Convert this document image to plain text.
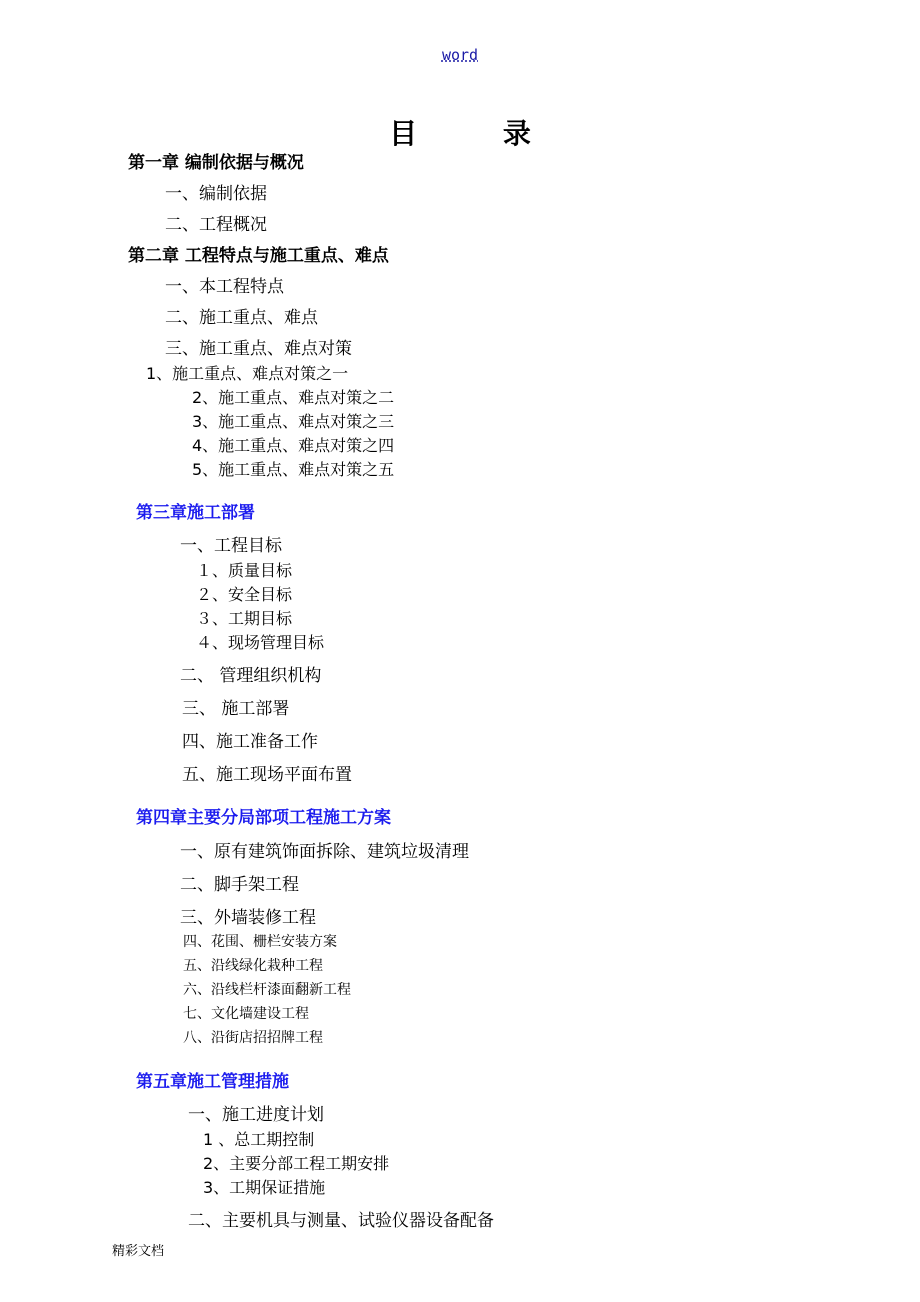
word
目 录
第一章 编制依据与概况
一、编制依据
二、工程概况
第二章 工程特点与施工重点、难点
一、本工程特点
二、施工重点、难点
三、施工重点、难点对策
1、施工重点、难点对策之一
2、施工重点、难点对策之二
3、施工重点、难点对策之三
4、施工重点、难点对策之四
5、施工重点、难点对策之五
第三章施工部署
一、工程目标
１、质量目标
２、安全目标
３、工期目标
４、现场管理目标
二、 管理组织机构
三、 施工部署
四、施工准备工作
五、施工现场平面布置
第四章主要分局部项工程施工方案
一、原有建筑饰面拆除、建筑垃圾清理
二、脚手架工程
三、外墙装修工程
四、花围、栅栏安装方案
五、沿线绿化栽种工程
六、沿线栏杆漆面翻新工程
七、文化墙建设工程
八、沿街店招招牌工程
第五章施工管理措施
一、施工进度计划
1 、总工期控制
2、主要分部工程工期安排
3、工期保证措施
二、主要机具与测量、试验仪器设备配备
精彩文档
